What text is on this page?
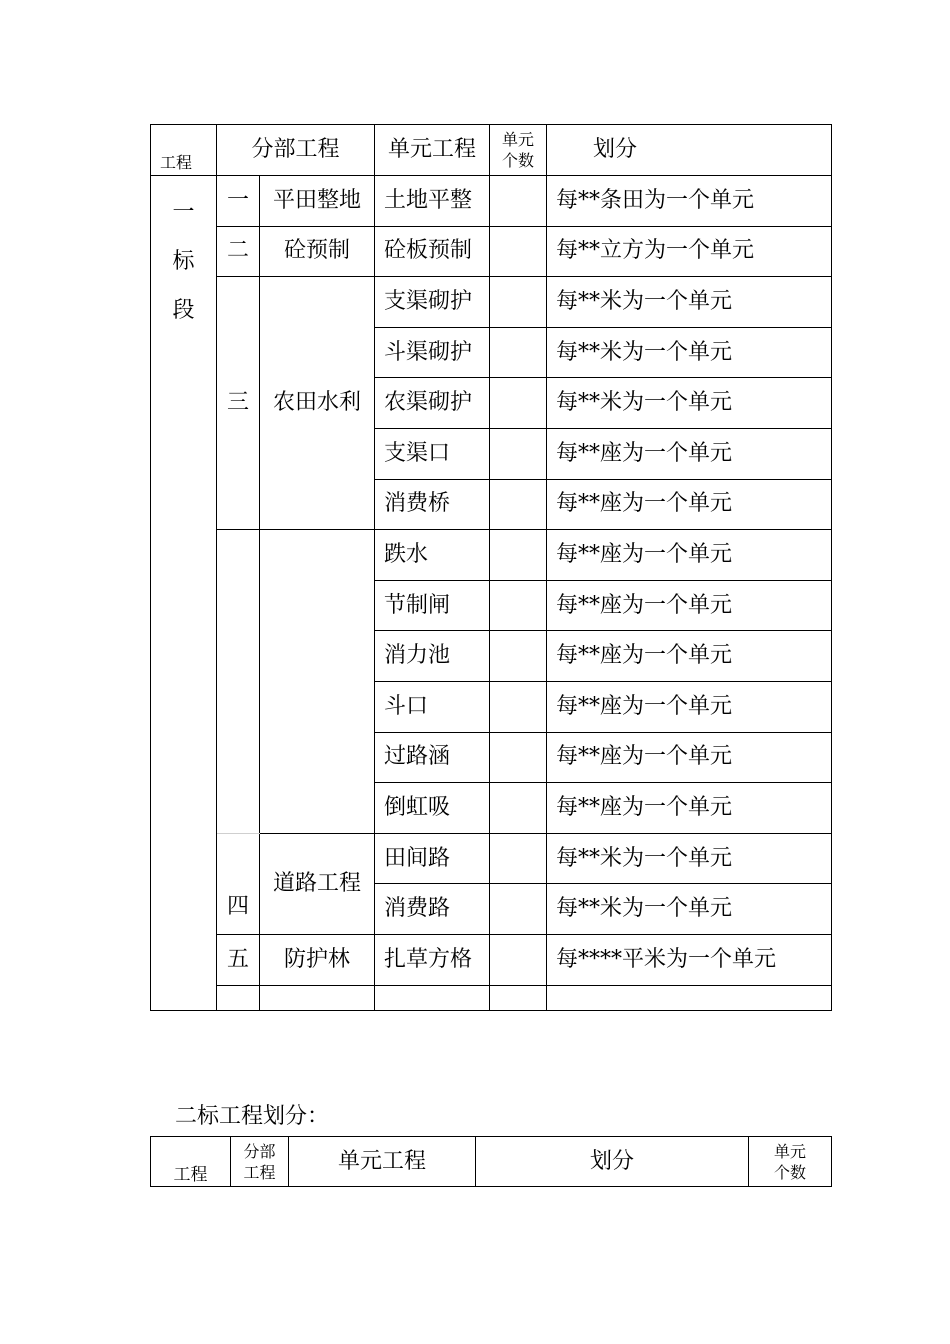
工程	分部工程		单元工程	单元
个数	划分
一
标
段	一	平田整地	土地平整		每**条田为一个单元
	二	砼预制	砼板预制		每**立方为一个单元
	三	农田水利	支渠砌护		每**米为一个单元
			斗渠砌护		每**米为一个单元
			农渠砌护		每**米为一个单元
			支渠口		每**座为一个单元
			消费桥		每**座为一个单元
			跌水		每**座为一个单元
			节制闸		每**座为一个单元
			消力池		每**座为一个单元
			斗口		每**座为一个单元
			过路涵		每**座为一个单元
			倒虹吸		每**座为一个单元
	四	道路工程	田间路		每**米为一个单元
			消费路		每**米为一个单元
	五	防护林	扎草方格		每****平米为一个单元

二标工程划分：
工程	分部
工程	单元工程	划分	单元
个数
